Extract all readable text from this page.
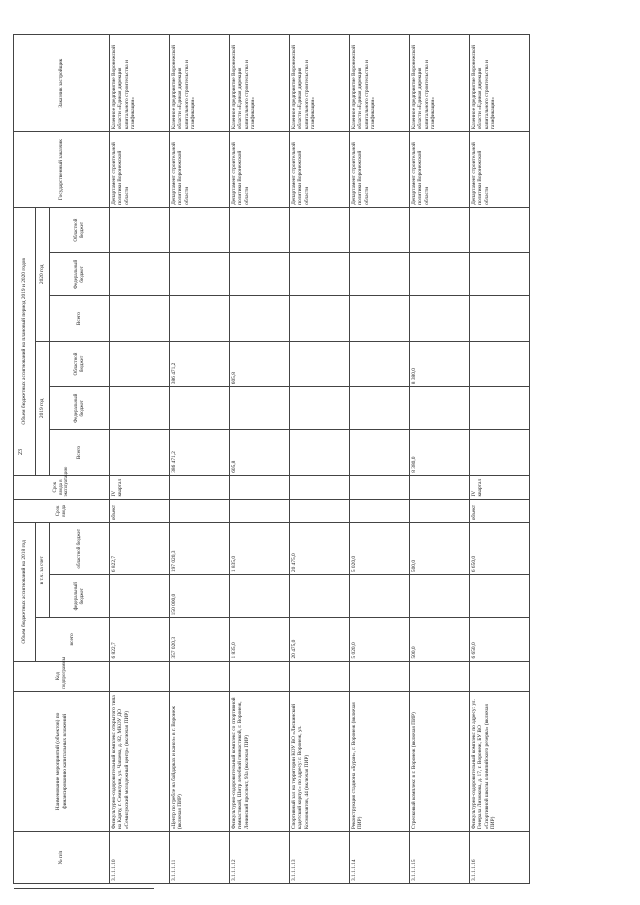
23
№ п/п	Наименование мероприятий (объектов) по финансированию капитальных вложений	Код подпрограммы	Объем бюджетных ассигнований на 2018 год			Срок ввода	Срок ввода в эксплуатацию	Объем бюджетных ассигнований на плановый период 2019 и 2020 годов						Государственный заказчик	Заказчик застройщик
			всего	в т.ч. за счет				2019 год			2020 год				
				федеральный бюджет	областной бюджет			Всего	Федеральный бюджет	Областной бюджет	Всего	Федеральный бюджет	Областной бюджет		
3.1.1.1.10	Физкультурно-оздоровительный комплекс открытого типа на Карпу, г. Семилуки, ул. Чапаева, д. 82, МКОУ ДО «Семилукский молодежный центр» (включая ПИР)		6 822,7		6 822,7	объект	IV квартал							Департамент строительной политики Воронежской области	Казенное предприятие Воронежской области «Единая дирекция капитального строительства и газификации»
3.1.1.1.11	«Центр по гребле на байдарках и каноэ» в г. Воронеж (включая ПИР)		357 020,3	150 000,0	197 020,3			386 471,2		386 471,2				Департамент строительной политики Воронежской области	Казенное предприятие Воронежской области «Единая дирекция капитального строительства и газификации»
3.1.1.1.12	Физкультурно-оздоровительный комплекс со спортивной гимнастикой, Шитр лечебной гимнастикой, г. Воронеж, Ленинский проспект, 93а (включая ПИР)		1 835,0		1 835,0			605,8		605,8				Департамент строительной политики Воронежской области	Казенное предприятие Воронежской области «Единая дирекция капитального строительства и газификации»
3.1.1.1.13	Спортивный зал на территории КОУ ВО «Лискинский кадетский корпус» по адресу: г. Воронеж, ул. Космонавтов, 44 (включая ПИР)		20 475,0		20 475,0									Департамент строительной политики Воронежской области	Казенное предприятие Воронежской области «Единая дирекция капитального строительства и газификации»
3.1.1.1.14	Реконструкция стадиона «Буран», г. Воронеж (включая ПИР)		5 020,0		5 020,0									Департамент строительной политики Воронежской области	Казенное предприятие Воронежской области «Единая дирекция капитального строительства и газификации»
3.1.1.1.15	Стрелковый комплекс в г. Воронеж (включая ПИР)		500,0		500,0			8 380,0		8 380,0				Департамент строительной политики Воронежской области	Казенное предприятие Воронежской области «Единая дирекция капитального строительства и газификации»
3.1.1.1.16	Физкультурно-оздоровительный комплекс по адресу: ул. Генерала Лизюкова, д. 17, г. Воронеж, БУ ВО «Спортивной школы олимпийского резерва» (включая ПИР)		6 650,0		6 650,0	объект	IV квартал							Департамент строительной политики Воронежской области	Казенное предприятие Воронежской области «Единая дирекция капитального строительства и газификации»
